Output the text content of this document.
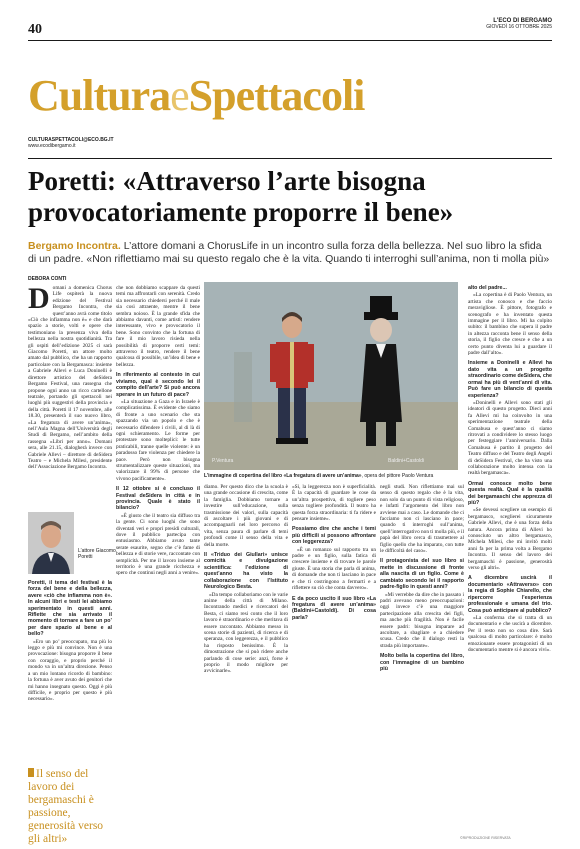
40
L'ECO DI BERGAMO
GIOVEDÌ 16 OTTOBRE 2025
CulturaeSpettacoli
CULTURASPETTACOLI@ECO.BG.IT
www.ecodibergamo.it
Poretti: «Attraverso l’arte bisogna provocatoriamente proporre il bene»
Bergamo Incontra. L’attore domani a ChorusLife in un incontro sulla forza della bellezza. Nel suo libro la sfida di un padre. «Non riflettiamo mai su questo regalo che è la vita. Quando ti interroghi sull’anima, non ti molla più»
DEBORA CONTI
D omani a domenica Chorus Life ospiterà la nuova edizione del Festival Bergamo Incontra, che quest’anno avrà come titolo «Ciò che infiamma non è» e che darà spazio a storie, volti e opere che testimoniano la presenza viva della bellezza nella nostra quotidianità. Tra gli ospiti dell’edizione 2025 ci sarà Giacomo Poretti, un attore molto amato dal pubblico, che ha un rapporto particolare con la Bergamasca: insieme a Gabriele Allevi e Luca Doninelli è direttore artistico del deSidera Bergamo Festival, una rassegna che propone ogni anno un ricco cartellone teatrale, portando gli spettacoli nei luoghi più suggestivi della provincia e della città. Poretti il 17 novembre, alle 18.30, presenterà il suo nuovo libro, «La fregatura di avere un’anima», nell’Aula Magna dell’Università degli Studi di Bergamo, nell’ambito della rassegna «Libri per anno». Domani sera, alle 21.15, dialogherà invece con Gabriele Allevi – direttore di deSidera Teatro – e Michela Milesi, presidente dell’Associazione Bergamo Incontra.

L’attore Giacomo Poretti

Poretti, il tema del festival è la forza del bene e della bellezza, avere «ciò che infiamma non è». In alcuni libri e testi lei abbiamo sperimentato in questi anni. Riflette che sia arrivato il momento di tornare a fare un po’ per dare spazio al bene e al bello?

«Ero un po’ preoccupato, ma più lo leggo e più mi convince. Non è una provocazione: bisogna proporre il bene con coraggio, e proprio perché il mondo va in un’altra direzione. Penso a un mio lontano ricordo di bambino: la fortuna è aver avuto dei genitori che mi hanno insegnato questo. Oggi è più difficile, e proprio per questo è più necessario».

Il senso del lavoro dei bergamaschi è passione, generosità verso gli altri»

che non dobbiamo scappare da questi temi ma affrontarli con serenità. Credo sia necessario chiedersi perché il male sia così attraente, mentre il bene sembra noioso. È la grande sfida che abbiamo davanti, come artisti: rendere interessante, vivo e provocatorio il bene. Sono convinto che la fortuna di fare il mio lavoro risieda nella possibilità di proporre certi temi: attraverso il teatro, rendere il bene qualcosa di possibile, un’idea di bene e bellezza.

In riferimento al contesto in cui viviamo, qual è secondo lei il compito dell’arte? Si può ancora sperare in un futuro di pace?

«La situazione a Gaza e in Israele è complicatissima. È evidente che siamo di fronte a uno scenario che sta spazzando via un popolo e che è necessario difendere i civili, al di là di ogni schieramento. Le forme per protestare sono molteplici: le tutte praticabili, tranne quelle violente: è un paradosso fare violenza per chiedere la pace. Però non bisogna strumentalizzare queste situazioni, ma valorizzare il 99% di persone che vivono pacificamente».

Il 12 ottobre si è concluso il Festival deSidera in città e in provincia. Quale è stato il bilancio?

«È giusto che il teatro sia diffuso tra la gente. Ci sono luoghi che sono diventati veri e propri presìdi culturali, dove il pubblico partecipa con entusiasmo. Abbiamo avuto tante serate esaurite, segno che c’è fame di bellezza e di storie vere, raccontate con semplicità. Per me il lavoro insieme al territorio è una grande ricchezza e spero che continui negli anni a venire».

P.Ventura	Baldini+Castoldi
L’immagine di copertina del libro «La fregatura di avere un’anima», opera del pittore Paolo Ventura

diamo. Per questo dico che la scuola è una grande occasione di crescita, come la famiglia. Dobbiamo tornare a investire sull’educazione, sulla trasmissione dei valori, sulla capacità di ascoltare i più giovani e di accompagnarli nel loro percorso di vita, senza paura di parlare di temi profondi come il senso della vita e della morte.

Il «Triduo dei Giullari» unisce comicità e divulgazione scientifica: l’edizione di quest’anno ha visto la collaborazione con l’Istituto Neurologico Besta.

«Da tempo collaboriamo con le varie anime della città di Milano. Incontrando medici e ricercatori del Besta, ci siamo resi conto che il loro lavoro è straordinario e che meritava di essere raccontato. Abbiamo messo in scena storie di pazienti, di ricerca e di speranza, con leggerezza, e il pubblico ha risposto benissimo. È la dimostrazione che si può ridere anche parlando di cose serie: anzi, forse è proprio il modo migliore per avvicinarle».

«Sì, la leggerezza non è superficialità. È la capacità di guardare le cose da un’altra prospettiva, di togliere peso senza togliere profondità. Il teatro ha questa forza straordinaria: ti fa ridere e pensare insieme».

Possiamo dire che anche i temi più difficili si possono affrontare con leggerezza?

«È un romanzo sul rapporto tra un padre e un figlio, sulla fatica di crescere insieme e di trovare le parole giuste. È una storia che parla di anima, di domande che non ti lasciano in pace e che ti costringono a fermarti e a riflettere su ciò che conta davvero».

E da poco uscito il suo libro «La fregatura di avere un’anima» (Baldini+Castoldi). Di cosa parla?

negli studi. Non riflettiamo mai sul senso di questo regalo che è la vita, non solo da un punto di vista religioso, e infatti l’argomento del libro non avviene mai a caso. Le domande che ci facciamo non ci lasciano in pace; quando ti interroghi sull’anima, quell’interrogativo non ti molla più, e il papà del libro cerca di trasmettere al figlio quello che ha imparato, con tutte le difficoltà del caso».

Il protagonista del suo libro si mette in discussione di fronte alla nascita di un figlio. Come è cambiato secondo lei il rapporto padre-figlio in questi anni?

«Mi verrebbe da dire che in passato i padri avevano meno preoccupazioni: oggi invece c’è una maggiore partecipazione alla crescita dei figli, ma anche più fragilità. Non è facile essere padri: bisogna imparare ad ascoltare, a sbagliare e a chiedere scusa. Credo che il dialogo resti la strada più importante».

Molto bella la copertina del libro, con l’immagine di un bambino più

alto del padre...

«La copertina è di Paolo Ventura, un artista che conosco e che faccio meravigliose. È pittore, fotografo e scenografo e ha inventato questa immagine per il libro. Mi ha colpito subito: il bambino che supera il padre in altezza racconta bene il senso della storia, il figlio che cresce e che a un certo punto diventa lui a guardare il padre dall’alto».

Insieme a Doninelli e Allevi ha dato vita a un progetto straordinario come deSidera, che ormai ha più di vent’anni di vita. Può fare un bilancio di questa esperienza?

«Doninelli e Allevi sono stati gli ideatori di questo progetto. Dieci anni fa Allevi mi ha coinvolto in una sperimentazione teatrale della Comabusa e quest’anno ci siamo ritrovati a condividere lo stesso luogo per festeggiare l’anniversario. Dalla Comabusa è partito il progetto del Teatro diffuso e del Teatro degli Angeli di deSidera Festival, che ha visto una collaborazione molto intensa con la realtà bergamasca».

Ormai conosce molto bene questa realtà. Qual è la qualità dei bergamaschi che apprezza di più?

«Se devessi scegliere un esempio di bergamasco, sceglierei sicuramente Gabriele Allevi, che è una forza della natura. Ancora prima di Allevi ho conosciuto un altro bergamasco, Michela Milesi, che mi invitò molti anni fa per la prima volta a Bergamo Incontra. Il senso del lavoro dei bergamaschi è passione, generosità verso gli altri».

A dicembre uscirà il documentario «Attraverso» con la regia di Sophie Chiarello, che ripercorre l’esperienza professionale e umana del trio. Cosa può anticipare al pubblico?

«La conferma che si tratta di un documentario e che uscirà a dicembre. Per il resto non so cosa dire. Sarà qualcosa di molto particolare: è molto emozionante essere protagonisti di un documentario mentre si è ancora vivi».

©RIPRODUZIONE RISERVATA
